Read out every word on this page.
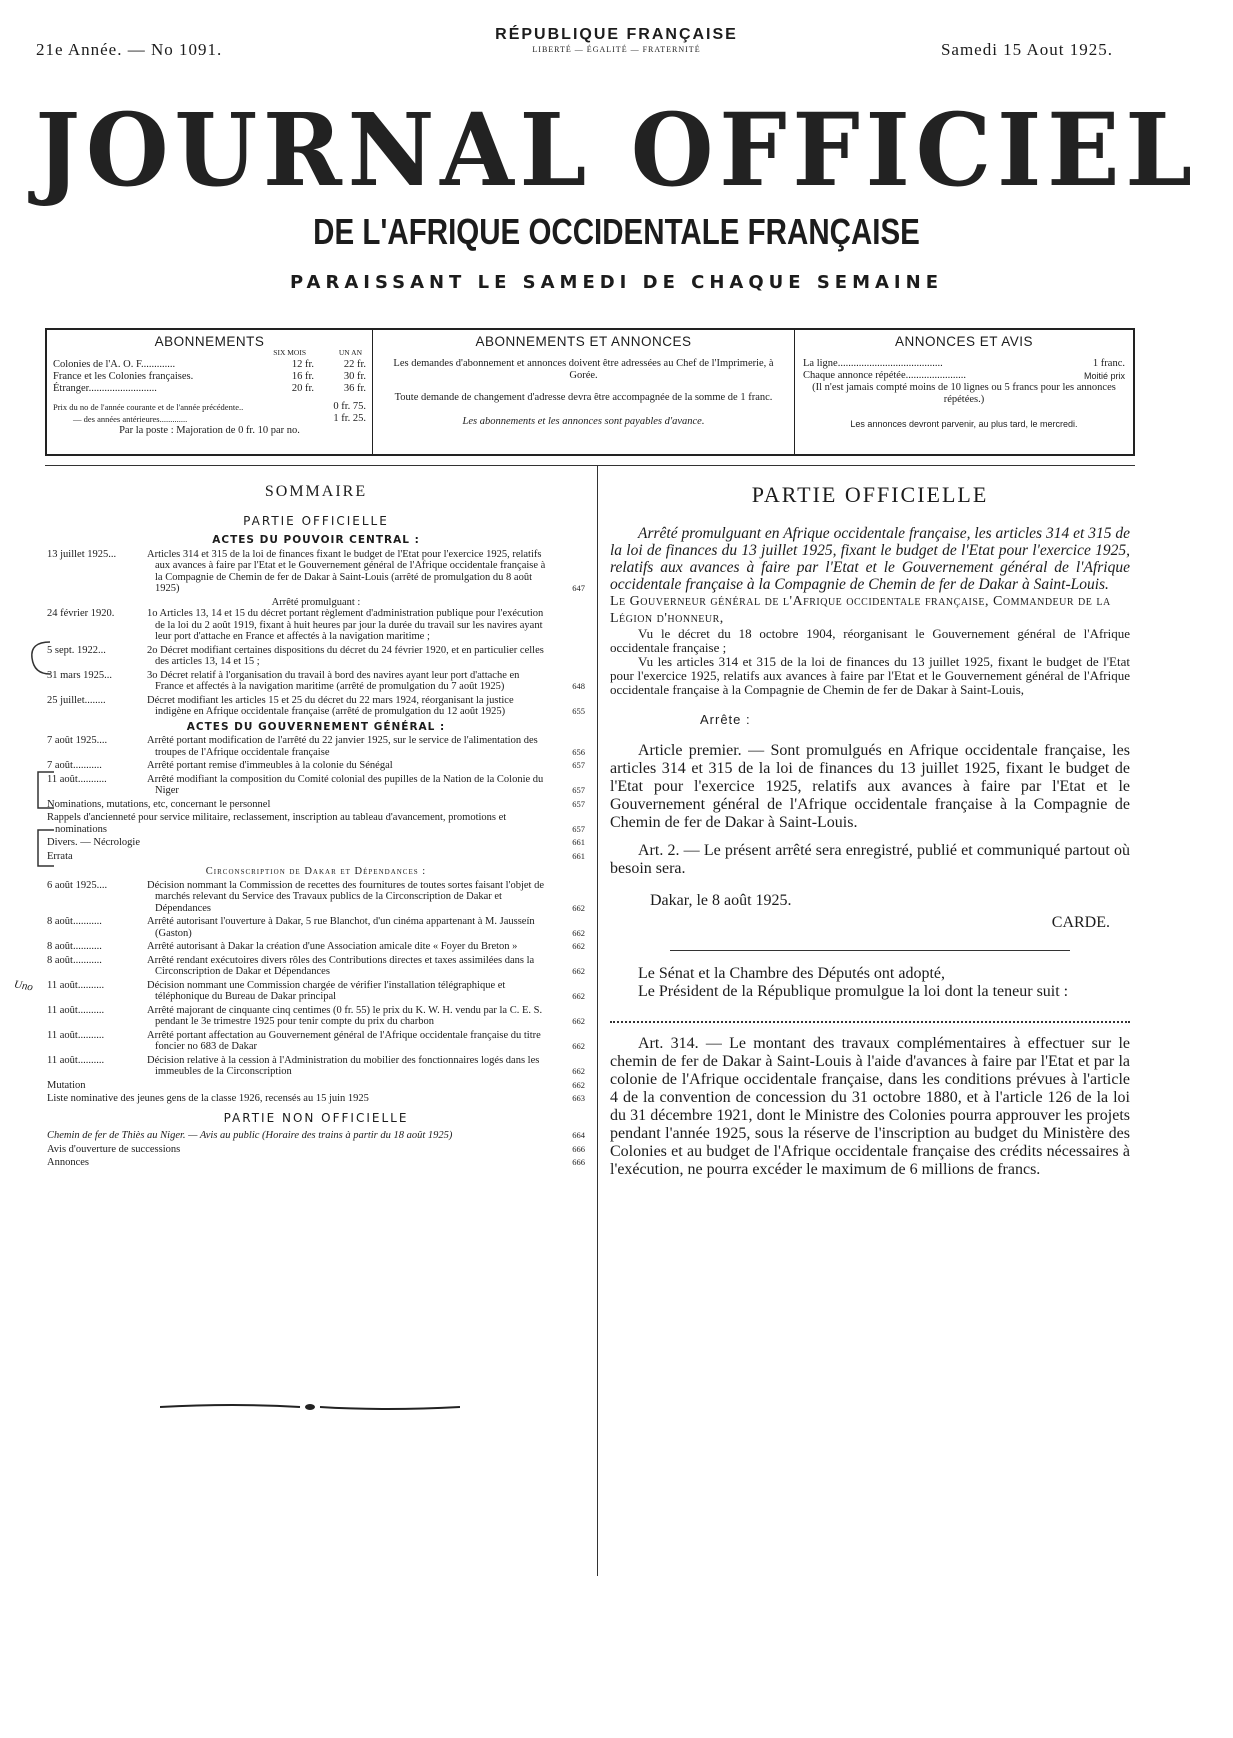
21e Année. — No 1091.
RÉPUBLIQUE FRANÇAISE
LIBERTÉ — ÉGALITÉ — FRATERNITÉ	Samedi 15 Aout 1925.
JOURNAL OFFICIEL
DE L'AFRIQUE OCCIDENTALE FRANÇAISE
PARAISSANT LE SAMEDI DE CHAQUE SEMAINE
ABONNEMENTS
SIX MOIS	UN AN
Colonies de l'A. O. F.............	12 fr.	22 fr.
France et les Colonies françaises.	16 fr.	30 fr.
Étranger..........................	20 fr.	36 fr.
Prix du no de l'année courante et de l'année précédente..	0 fr. 75.
— des années antérieures.............	1 fr. 25.
Par la poste : Majoration de 0 fr. 10 par no.
ABONNEMENTS ET ANNONCES
Les demandes d'abonnement et annonces doivent être adressées au Chef de l'Imprimerie, à Gorée.
Toute demande de changement d'adresse devra être accompagnée de la somme de 1 franc.
Les abonnements et les annonces sont payables d'avance.
ANNONCES ET AVIS
La ligne........................................	1 franc.
Chaque annonce répétée.......................	Moitié prix
(Il n'est jamais compté moins de 10 lignes ou 5 francs pour les annonces répétées.)
Les annonces devront parvenir, au plus tard, le mercredi.
SOMMAIRE
PARTIE OFFICIELLE
ACTES DU POUVOIR CENTRAL :
13 juillet 1925...	Articles 314 et 315 de la loi de finances fixant le budget de l'Etat pour l'exercice 1925, relatifs aux avances à faire par l'Etat et le Gouvernement général de l'Afrique occidentale française à la Compagnie de Chemin de fer de Dakar à Saint-Louis (arrêté de promulgation du 8 août 1925)	647
Arrêté promulguant :
24 février 1920.	1o Articles 13, 14 et 15 du décret portant règlement d'administration publique pour l'exécution de la loi du 2 août 1919, fixant à huit heures par jour la durée du travail sur les navires ayant leur port d'attache en France et affectés à la navigation maritime ;
5 sept. 1922...	2o Décret modifiant certaines dispositions du décret du 24 février 1920, et en particulier celles des articles 13, 14 et 15 ;
31 mars 1925...	3o Décret relatif à l'organisation du travail à bord des navires ayant leur port d'attache en France et affectés à la navigation maritime (arrêté de promulgation du 7 août 1925)	648
25 juillet........	Décret modifiant les articles 15 et 25 du décret du 22 mars 1924, réorganisant la justice indigène en Afrique occidentale française (arrêté de promulgation du 12 août 1925)	655
ACTES DU GOUVERNEMENT GÉNÉRAL :
7 août 1925....	Arrêté portant modification de l'arrêté du 22 janvier 1925, sur le service de l'alimentation des troupes de l'Afrique occidentale française	656
7 août...........	Arrêté portant remise d'immeubles à la colonie du Sénégal	657
11 août...........	Arrêté modifiant la composition du Comité colonial des pupilles de la Nation de la Colonie du Niger	657
Nominations, mutations, etc, concernant le personnel	657
Rappels d'ancienneté pour service militaire, reclassement, inscription au tableau d'avancement, promotions et nominations	657
Divers. — Nécrologie	661
Errata	661
Circonscription de Dakar et Dépendances :
6 août 1925....	Décision nommant la Commission de recettes des fournitures de toutes sortes faisant l'objet de marchés relevant du Service des Travaux publics de la Circonscription de Dakar et Dépendances	662
8 août...........	Arrêté autorisant l'ouverture à Dakar, 5 rue Blanchot, d'un cinéma appartenant à M. Jausseín (Gaston)	662
8 août...........	Arrêté autorisant à Dakar la création d'une Association amicale dite « Foyer du Breton »	662
8 août...........	Arrêté rendant exécutoires divers rôles des Contributions directes et taxes assimilées dans la Circonscription de Dakar et Dépendances	662
11 août..........	Décision nommant une Commission chargée de vérifier l'installation télégraphique et téléphonique du Bureau de Dakar principal	662
11 août..........	Arrêté majorant de cinquante cinq centimes (0 fr. 55) le prix du K. W. H. vendu par la C. E. S. pendant le 3e trimestre 1925 pour tenir compte du prix du charbon	662
11 août..........	Arrêté portant affectation au Gouvernement général de l'Afrique occidentale française du titre foncier no 683 de Dakar	662
11 août..........	Décision relative à la cession à l'Administration du mobilier des fonctionnaires logés dans les immeubles de la Circonscription	662
Mutation	662
Liste nominative des jeunes gens de la classe 1926, recensés au 15 juin 1925	663
PARTIE NON OFFICIELLE
Chemin de fer de Thiès au Niger. — Avis au public (Horaire des trains à partir du 18 août 1925)	664
Avis d'ouverture de successions	666
Annonces	666
PARTIE OFFICIELLE

Arrêté promulguant en Afrique occidentale française, les articles 314 et 315 de la loi de finances du 13 juillet 1925, fixant le budget de l'Etat pour l'exercice 1925, relatifs aux avances à faire par l'Etat et le Gouvernement général de l'Afrique occidentale française à la Compagnie de Chemin de fer de Dakar à Saint-Louis.

Le Gouverneur général de l'Afrique occidentale française, Commandeur de la Légion d'honneur,

Vu le décret du 18 octobre 1904, réorganisant le Gouvernement général de l'Afrique occidentale française ;

Vu les articles 314 et 315 de la loi de finances du 13 juillet 1925, fixant le budget de l'Etat pour l'exercice 1925, relatifs aux avances à faire par l'Etat et le Gouvernement général de l'Afrique occidentale française à la Compagnie de Chemin de fer de Dakar à Saint-Louis,

Arrête :

Article premier. — Sont promulgués en Afrique occidentale française, les articles 314 et 315 de la loi de finances du 13 juillet 1925, fixant le budget de l'Etat pour l'exercice 1925, relatifs aux avances à faire par l'Etat et le Gouvernement général de l'Afrique occidentale française à la Compagnie de Chemin de fer de Dakar à Saint-Louis.

Art. 2. — Le présent arrêté sera enregistré, publié et communiqué partout où besoin sera.

Dakar, le 8 août 1925.

CARDE.

Le Sénat et la Chambre des Députés ont adopté,

Le Président de la République promulgue la loi dont la teneur suit :

Art. 314. — Le montant des travaux complémentaires à effectuer sur le chemin de fer de Dakar à Saint-Louis à l'aide d'avances à faire par l'Etat et par la colonie de l'Afrique occidentale française, dans les conditions prévues à l'article 4 de la convention de concession du 31 octobre 1880, et à l'article 126 de la loi du 31 décembre 1921, dont le Ministre des Colonies pourra approuver les projets pendant l'année 1925, sous la réserve de l'inscription au budget du Ministère des Colonies et au budget de l'Afrique occidentale française des crédits nécessaires à l'exécution, ne pourra excéder le maximum de 6 millions de francs.

Uno
